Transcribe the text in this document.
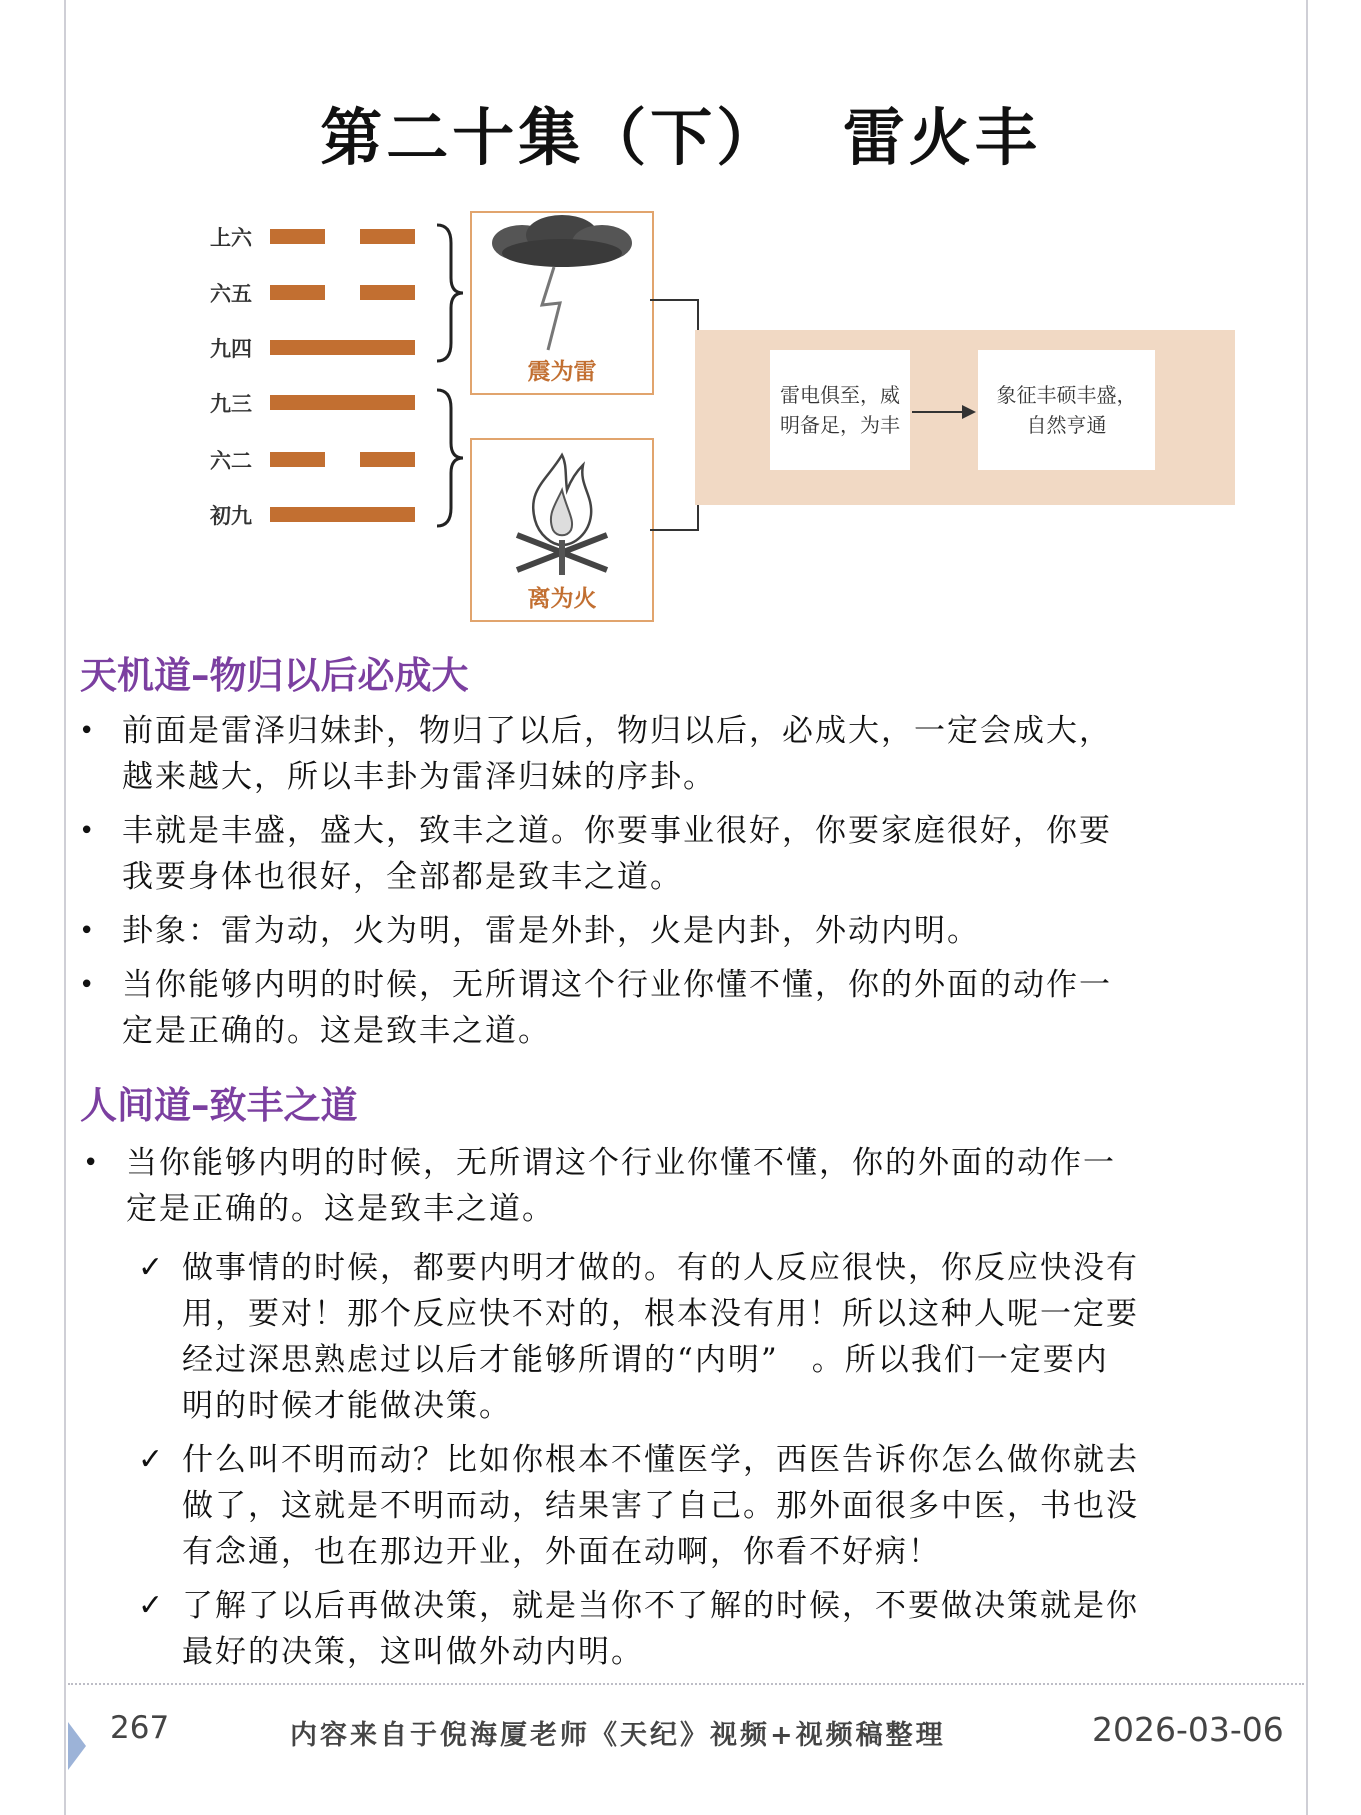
第二十集（下）　 雷火丰
上六
六五
九四
九三
六二
初九
震为雷
离为火
雷电俱至，威
明备足，为丰
象征丰硕丰盛，
自然亨通
天机道–物归以后必成大
• 前面是雷泽归妹卦，物归了以后，物归以后，必成大，一定会成大，
越来越大，所以丰卦为雷泽归妹的序卦。
• 丰就是丰盛，盛大，致丰之道。你要事业很好，你要家庭很好，你要
我要身体也很好，全部都是致丰之道。
• 卦象：雷为动，火为明，雷是外卦，火是内卦，外动内明。
• 当你能够内明的时候，无所谓这个行业你懂不懂，你的外面的动作一
定是正确的。这是致丰之道。
人间道–致丰之道
• 当你能够内明的时候，无所谓这个行业你懂不懂，你的外面的动作一
定是正确的。这是致丰之道。
✓ 做事情的时候，都要内明才做的。有的人反应很快，你反应快没有
用，要对！那个反应快不对的，根本没有用！所以这种人呢一定要
经过深思熟虑过以后才能够所谓的“内明”　。所以我们一定要内
明的时候才能做决策。
✓ 什么叫不明而动？比如你根本不懂医学，西医告诉你怎么做你就去
做了，这就是不明而动，结果害了自己。那外面很多中医，书也没
有念通，也在那边开业，外面在动啊，你看不好病！
✓ 了解了以后再做决策，就是当你不了解的时候，不要做决策就是你
最好的决策，这叫做外动内明。
267	内容来自于倪海厦老师《天纪》视频+视频稿整理	2026-03-06
